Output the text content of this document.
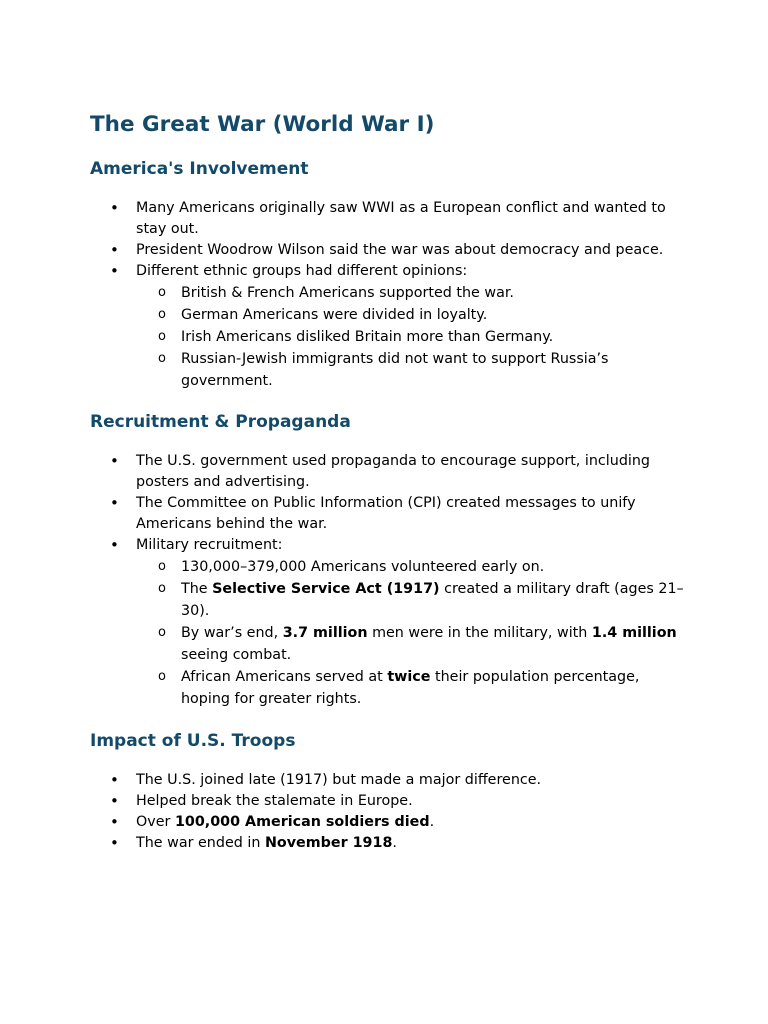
The Great War (World War I)
America's Involvement
• Many Americans originally saw WWI as a European conflict and wanted to stay out.
• President Woodrow Wilson said the war was about democracy and peace.
• Different ethnic groups had different opinions:
o British & French Americans supported the war.
o German Americans were divided in loyalty.
o Irish Americans disliked Britain more than Germany.
o Russian-Jewish immigrants did not want to support Russia’s government.
Recruitment & Propaganda
• The U.S. government used propaganda to encourage support, including posters and advertising.
• The Committee on Public Information (CPI) created messages to unify Americans behind the war.
• Military recruitment:
o 130,000–379,000 Americans volunteered early on.
o The Selective Service Act (1917) created a military draft (ages 21–30).
o By war’s end, 3.7 million men were in the military, with 1.4 million seeing combat.
o African Americans served at twice their population percentage, hoping for greater rights.
Impact of U.S. Troops
• The U.S. joined late (1917) but made a major difference.
• Helped break the stalemate in Europe.
• Over 100,000 American soldiers died.
• The war ended in November 1918.
